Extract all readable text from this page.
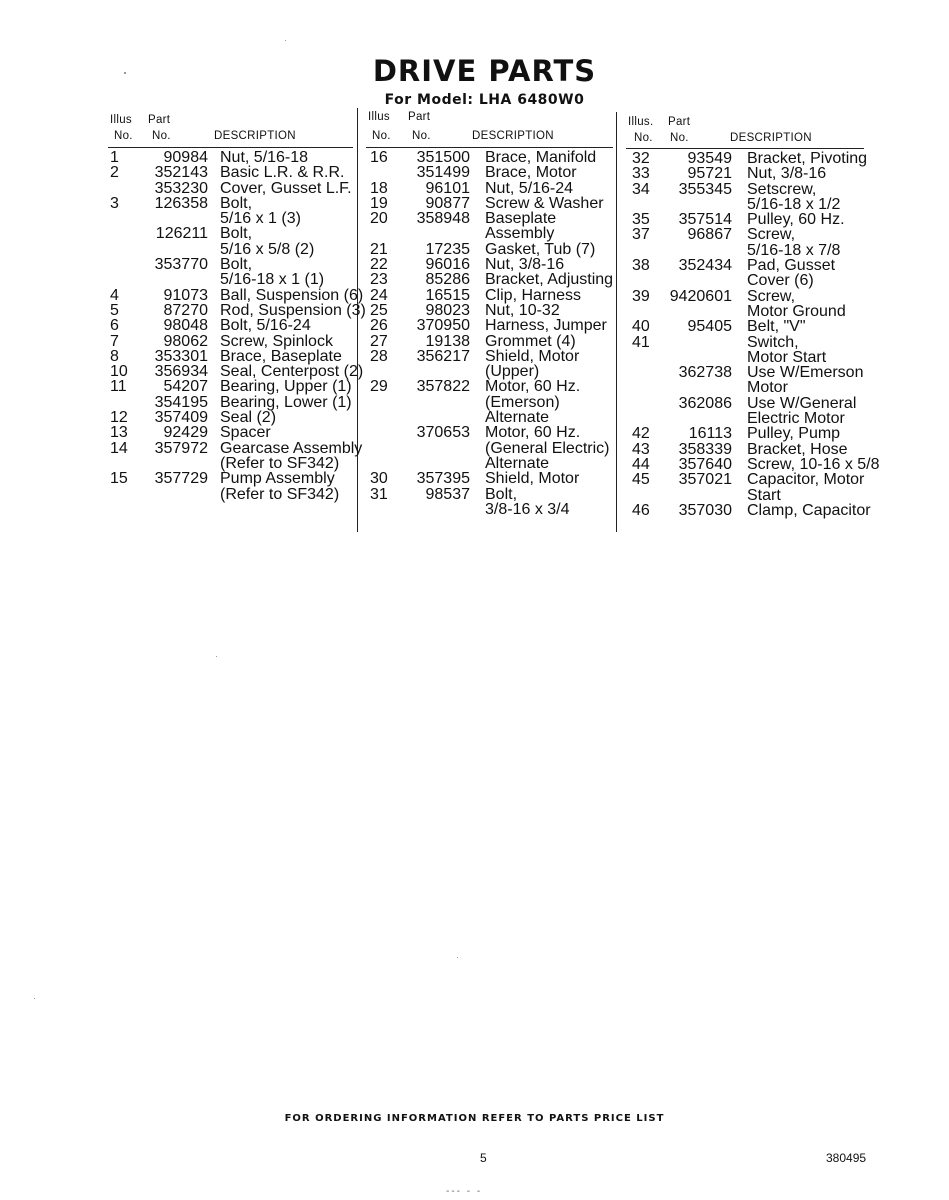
DRIVE PARTS
For Model: LHA 6480W0
Illus Part
No. No.	DESCRIPTION
Illus Part
No. No.	DESCRIPTION
Illus. Part
No. No.	DESCRIPTION
1	90984 Nut, 5/16-18
2 352143 Basic L.R. & R.R.
353230 Cover, Gusset L.F.
3 126358 Bolt,
5/16 x 1 (3)
126211 Bolt,
5/16 x 5/8 (2)
353770 Bolt,
5/16-18 x 1 (1)
4	91073 Ball, Suspension (6)
5	87270 Rod, Suspension (3)
6	98048 Bolt, 5/16-24
7	98062 Screw, Spinlock
8 353301 Brace, Baseplate
10 356934 Seal, Centerpost (2)
11 54207 Bearing, Upper (1)
354195 Bearing, Lower (1)
12 357409 Seal (2)
13 92429 Spacer
14 357972 Gearcase Assembly
(Refer to SF342)
15 357729 Pump Assembly
(Refer to SF342)
16 351500 Brace, Manifold
351499 Brace, Motor
18 96101 Nut, 5/16-24
19 90877 Screw & Washer
20 358948 Baseplate
Assembly
21 17235 Gasket, Tub (7)
22 96016 Nut, 3/8-16
23 85286 Bracket, Adjusting
24 16515 Clip, Harness
25 98023 Nut, 10-32
26 370950 Harness, Jumper
27 19138 Grommet (4)
28 356217 Shield, Motor
(Upper)
29 357822 Motor, 60 Hz.
(Emerson)
Alternate
370653 Motor, 60 Hz.
(General Electric)
Alternate
30 357395 Shield, Motor
31 98537 Bolt,
3/8-16 x 3/4
32 93549 Bracket, Pivoting
33 95721 Nut, 3/8-16
34 355345 Setscrew,
5/16-18 x 1/2
35 357514 Pulley, 60 Hz.
37 96867 Screw,
5/16-18 x 7/8
38 352434 Pad, Gusset
Cover (6)
39 9420601 Screw,
Motor Ground
40 95405 Belt, "V"
41	Switch,
Motor Start
362738 Use W/Emerson
Motor
362086 Use W/General
Electric Motor
42 16113 Pulley, Pump
43 358339 Bracket, Hose
44 357640 Screw, 10-16 x 5/8
45 357021 Capacitor, Motor
Start
46 357030 Clamp, Capacitor
FOR ORDERING INFORMATION REFER TO PARTS PRICE LIST
5	380495
‐‐‐ ‐ ‐
